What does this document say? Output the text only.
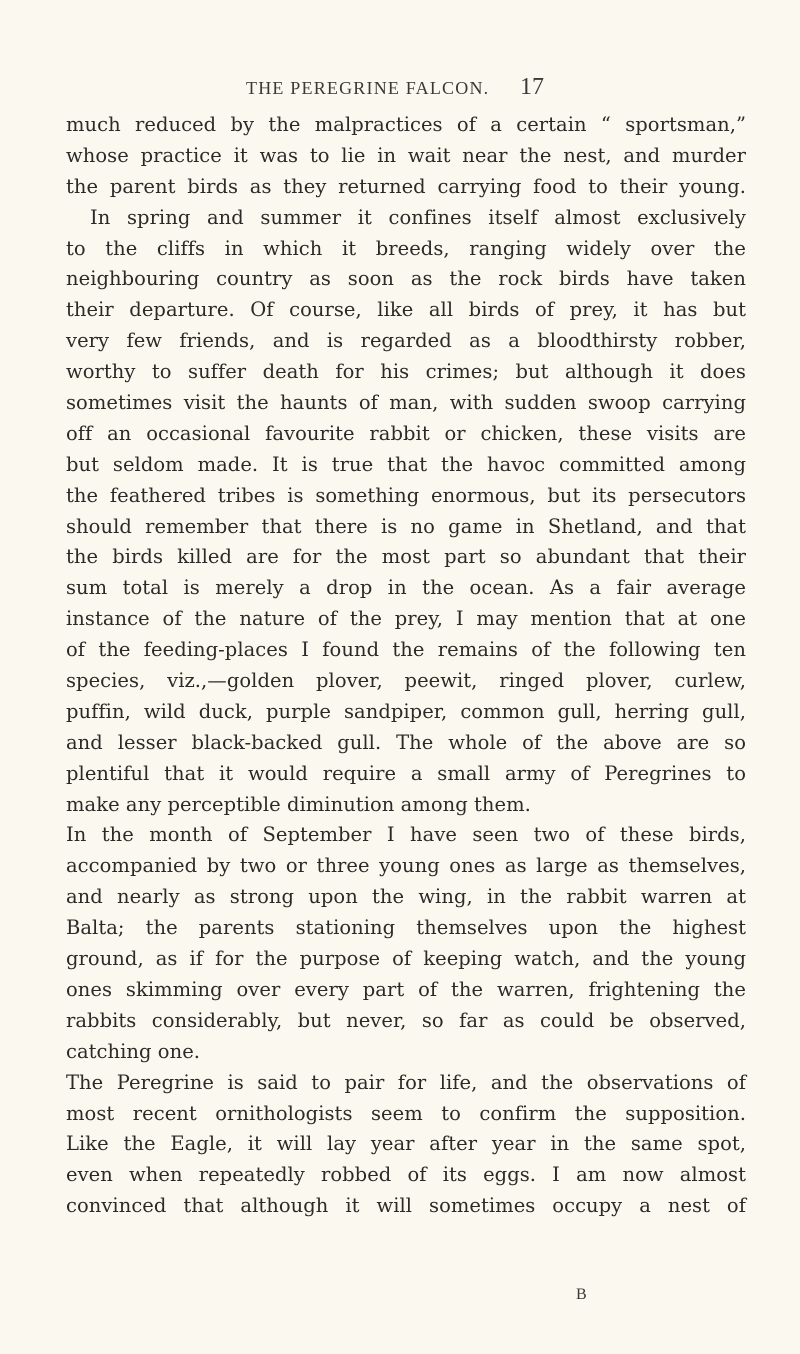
THE PEREGRINE FALCON. 17
much reduced by the malpractices of a certain “ sportsman,”
whose practice it was to lie in wait near the nest, and murder
the parent birds as they returned carrying food to their young.
In spring and summer it confines itself almost exclusively
to the cliffs in which it breeds, ranging widely over the
neighbouring country as soon as the rock birds have taken
their departure. Of course, like all birds of prey, it has but
very few friends, and is regarded as a bloodthirsty robber,
worthy to suffer death for his crimes; but although it does
sometimes visit the haunts of man, with sudden swoop carrying
off an occasional favourite rabbit or chicken, these visits are
but seldom made. It is true that the havoc committed among
the feathered tribes is something enormous, but its persecutors
should remember that there is no game in Shetland, and that
the birds killed are for the most part so abundant that their
sum total is merely a drop in the ocean. As a fair average
instance of the nature of the prey, I may mention that at one
of the feeding-places I found the remains of the following ten
species, viz.,—golden plover, peewit, ringed plover, curlew,
puffin, wild duck, purple sandpiper, common gull, herring gull,
and lesser black-backed gull. The whole of the above are so
plentiful that it would require a small army of Peregrines to
make any perceptible diminution among them.
In the month of September I have seen two of these birds,
accompanied by two or three young ones as large as themselves,
and nearly as strong upon the wing, in the rabbit warren at
Balta; the parents stationing themselves upon the highest
ground, as if for the purpose of keeping watch, and the young
ones skimming over every part of the warren, frightening the
rabbits considerably, but never, so far as could be observed,
catching one.
The Peregrine is said to pair for life, and the observations of
most recent ornithologists seem to confirm the supposition.
Like the Eagle, it will lay year after year in the same spot,
even when repeatedly robbed of its eggs. I am now almost
convinced that although it will sometimes occupy a nest of
B
